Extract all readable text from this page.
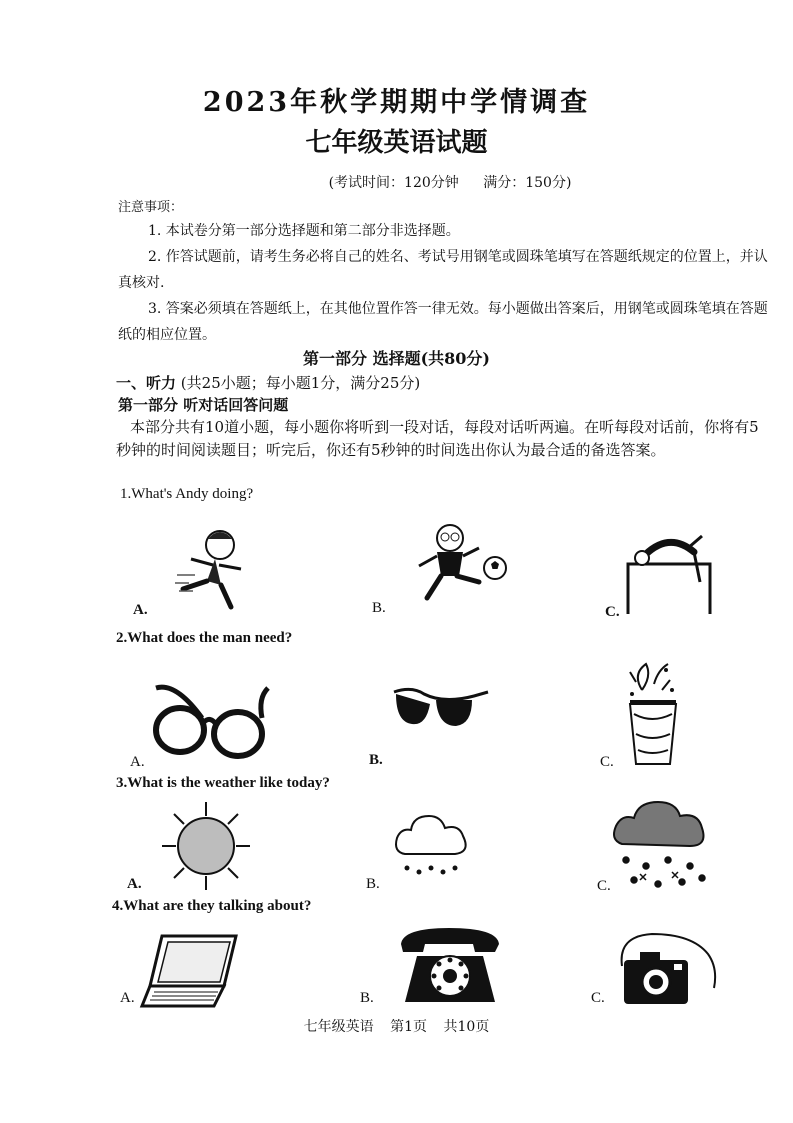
2023年秋学期期中学情调查
七年级英语试题
(考试时间：120分钟 满分：150分)
注意事项：
1. 本试卷分第一部分选择题和第二部分非选择题。
2. 作答试题前，请考生务必将自己的姓名、考试号用钢笔或圆珠笔填写在答题纸规定的位置上，并认真核对.
3. 答案必须填在答题纸上，在其他位置作答一律无效。每小题做出答案后，用钢笔或圆珠笔填在答题纸的相应位置。
第一部分 选择题(共80分)
一、听力 (共25小题；每小题1分，满分25分)
第一部分 听对话回答问题
本部分共有10道小题，每小题你将听到一段对话，每段对话听两遍。在听每段对话前，你将有5秒钟的时间阅读题目；听完后，你还有5秒钟的时间选出你认为最合适的备选答案。
1.What's Andy doing?
A.	B.	C.
2.What does the man need?
A.	B.	C.
3.What is the weather like today?
A.	B.	C.
4.What are they talking about?
A.	B.	C.
七年级英语 第1页 共10页
